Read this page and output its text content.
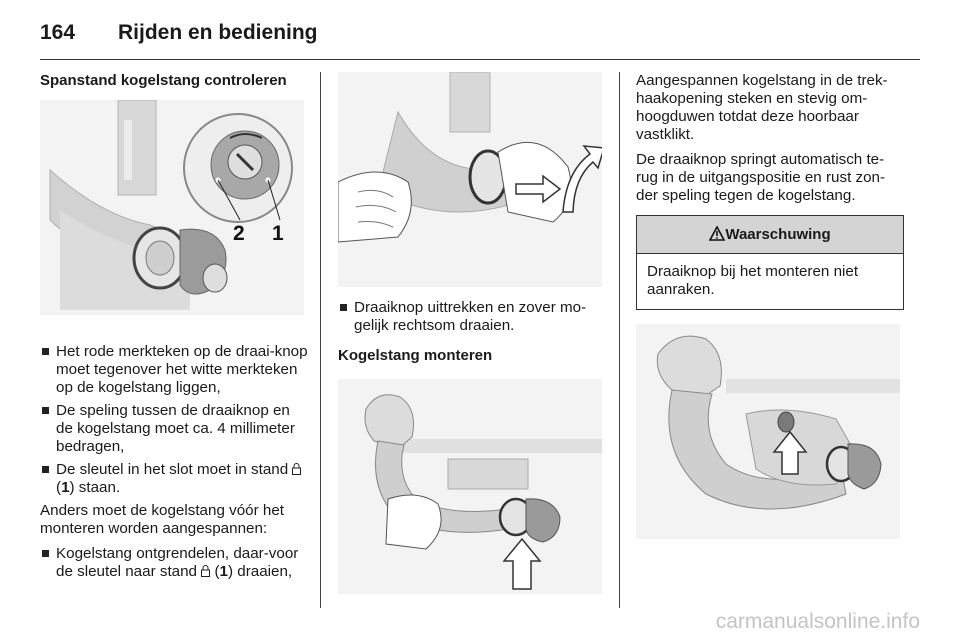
164	Rijden en bediening
Spanstand kogelstang controleren
2 1
Het rode merkteken op de draai-knop moet tegenover het witte merkteken op de kogelstang liggen,
De speling tussen de draaiknop en de kogelstang moet ca. 4 millimeter bedragen,
De sleutel in het slot moet in stand  (1) staan.

Anders moet de kogelstang vóór het monteren worden aangespannen:

Kogelstang ontgrendelen, daar-voor de sleutel naar stand  (1) draaien,
Draaiknop uittrekken en zover mo-gelijk rechtsom draaien.
Kogelstang monteren

Aangespannen kogelstang in de trek-haakopening steken en stevig om-hoogduwen totdat deze hoorbaar vastklikt.

De draaiknop springt automatisch te-rug in de uitgangspositie en rust zon-der speling tegen de kogelstang.

Waarschuwing
Draaiknop bij het monteren niet aanraken.
carmanualsonline.info
